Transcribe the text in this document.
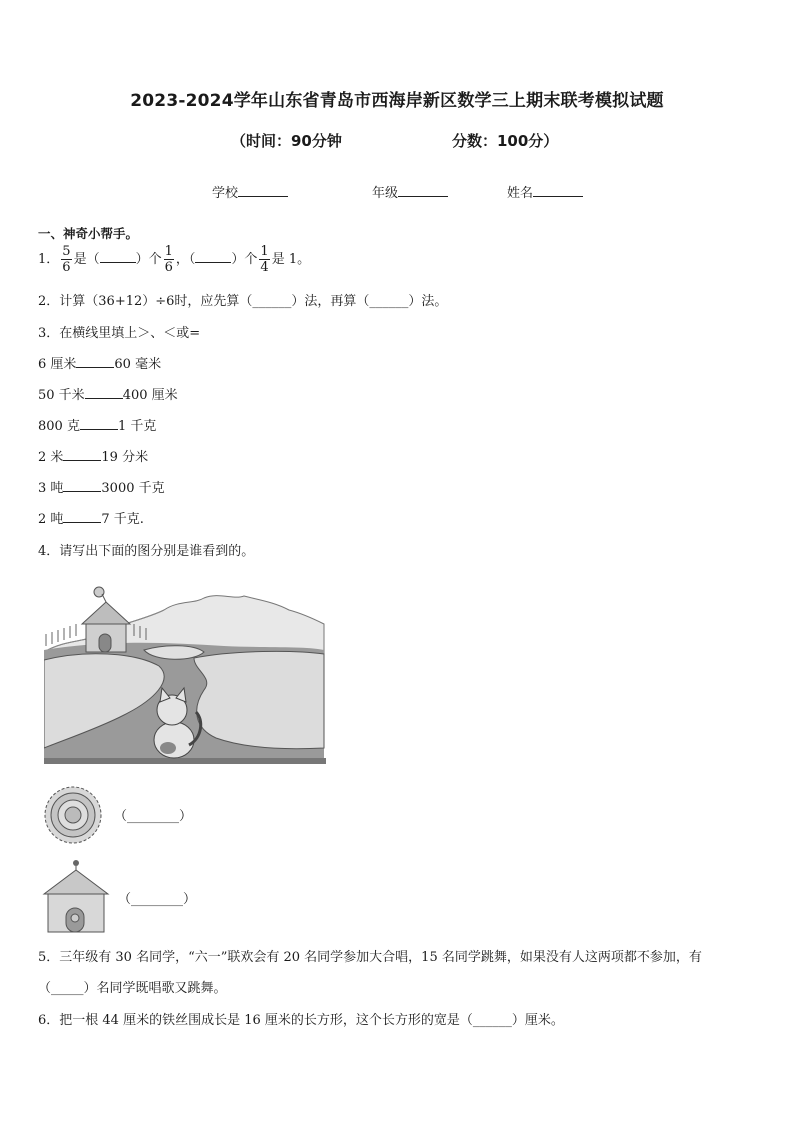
2023-2024学年山东省青岛市西海岸新区数学三上期末联考模拟试题
（时间：90分钟	分数：100分）
学校	年级	姓名
一、神奇小帮手。
1． $\frac{5}{6}$ 是（	）个 $\frac{1}{6}$ ，（	）个 $\frac{1}{4}$ 是 1。
2．计算（36+12）÷6时，应先算（______）法，再算（______）法。
3．在横线里填上＞、＜或=
6 厘米	60 毫米
50 千米	400 厘米
800 克	1 千克
2 米	19 分米
3 吨	3000 千克
2 吨	7 千克.
4．请写出下面的图分别是谁看到的。
（________）
（________）
5．三年级有 30 名同学，“六一”联欢会有 20 名同学参加大合唱，15 名同学跳舞，如果没有人这两项都不参加，有
（_____）名同学既唱歌又跳舞。
6．把一根 44 厘米的铁丝围成长是 16 厘米的长方形，这个长方形的宽是（______）厘米。
